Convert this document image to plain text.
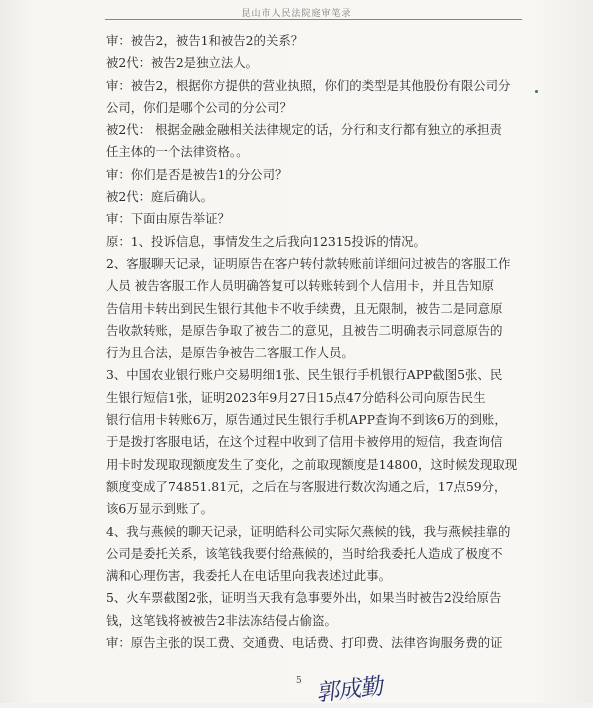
昆山市人民法院庭审笔录
审：被告2，被告1和被告2的关系？
被2代：被告2是独立法人。
审：被告2，根据你方提供的营业执照，你们的类型是其他股份有限公司分
公司，你们是哪个公司的分公司？
被2代： 根据金融金融相关法律规定的话，分行和支行都有独立的承担责
任主体的一个法律资格。。
审：你们是否是被告1的分公司？
被2代：庭后确认。
审：下面由原告举证？
原：1、投诉信息，事情发生之后我向12315投诉的情况。
2、客服聊天记录，证明原告在客户转付款转账前详细问过被告的客服工作
人员 被告客服工作人员明确答复可以转账转到个人信用卡，并且告知原
告信用卡转出到民生银行其他卡不收手续费，且无限制，被告二是同意原
告收款转账，是原告争取了被告二的意见，且被告二明确表示同意原告的
行为且合法，是原告争被告二客服工作人员。
3、中国农业银行账户交易明细1张、民生银行手机银行APP截图5张、民
生银行短信1张，证明2023年9月27日15点47分皓科公司向原告民生
银行信用卡转账6万，原告通过民生银行手机APP查询不到该6万的到账，
于是拨打客服电话，在这个过程中收到了信用卡被停用的短信，我查询信
用卡时发现取现额度发生了变化，之前取现额度是14800，这时候发现取现
额度变成了74851.81元，之后在与客服进行数次沟通之后，17点59分，
该6万显示到账了。
4、我与燕候的聊天记录，证明皓科公司实际欠燕候的钱，我与燕候挂靠的
公司是委托关系，该笔钱我要付给燕候的，当时给我委托人造成了极度不
满和心理伤害，我委托人在电话里向我表述过此事。
5、火车票截图2张，证明当天我有急事要外出，如果当时被告2没给原告
钱，这笔钱将被被告2非法冻结侵占偷盗。
审：原告主张的误工费、交通费、电话费、打印费、法律咨询服务费的证
5 郭成勤
